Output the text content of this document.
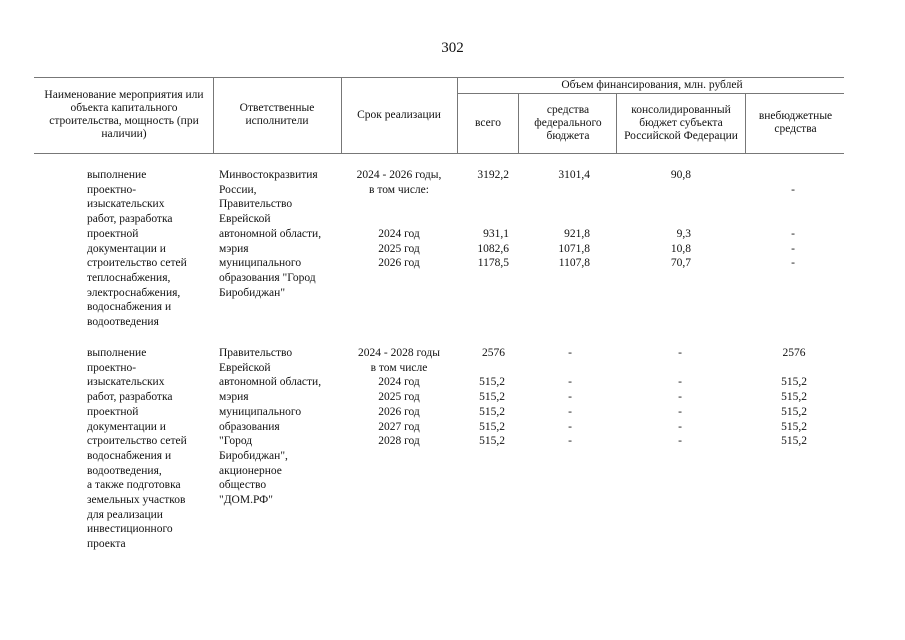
302
Наименование мероприятия или объекта капитального строительства, мощность (при наличии)
Ответственные исполнители
Срок реализации
Объем финансирования, млн. рублей
всего
средства федерального бюджета
консолидированный бюджет субъекта Российской Федерации
внебюджетные средства
выполнение
проектно-
изыскательских
работ, разработка
проектной
документации и
строительство сетей
теплоснабжения,
электроснабжения,
водоснабжения и
водоотведения
Минвостокразвития
России,
Правительство
Еврейской
автономной области,
мэрия
муниципального
образования "Город
Биробиджан"
2024 - 2026 годы,
в том числе:

2024 год
2025 год
2026 год
3192,2

931,1
1082,6
1178,5
3101,4

921,8
1071,8
1107,8
90,8

9,3
10,8
70,7

-

-
-
-
выполнение
проектно-
изыскательских
работ, разработка
проектной
документации и
строительство сетей
водоснабжения и
водоотведения,
а также подготовка
земельных участков
для реализации
инвестиционного
проекта
Правительство
Еврейской
автономной области,
мэрия
муниципального
образования
"Город
Биробиджан",
акционерное
общество
"ДОМ.РФ"
2024 - 2028 годы
в том числе
2024 год
2025 год
2026 год
2027 год
2028 год
2576

515,2
515,2
515,2
515,2
515,2
-

-
-
-
-
-
-

-
-
-
-
-
2576

515,2
515,2
515,2
515,2
515,2
